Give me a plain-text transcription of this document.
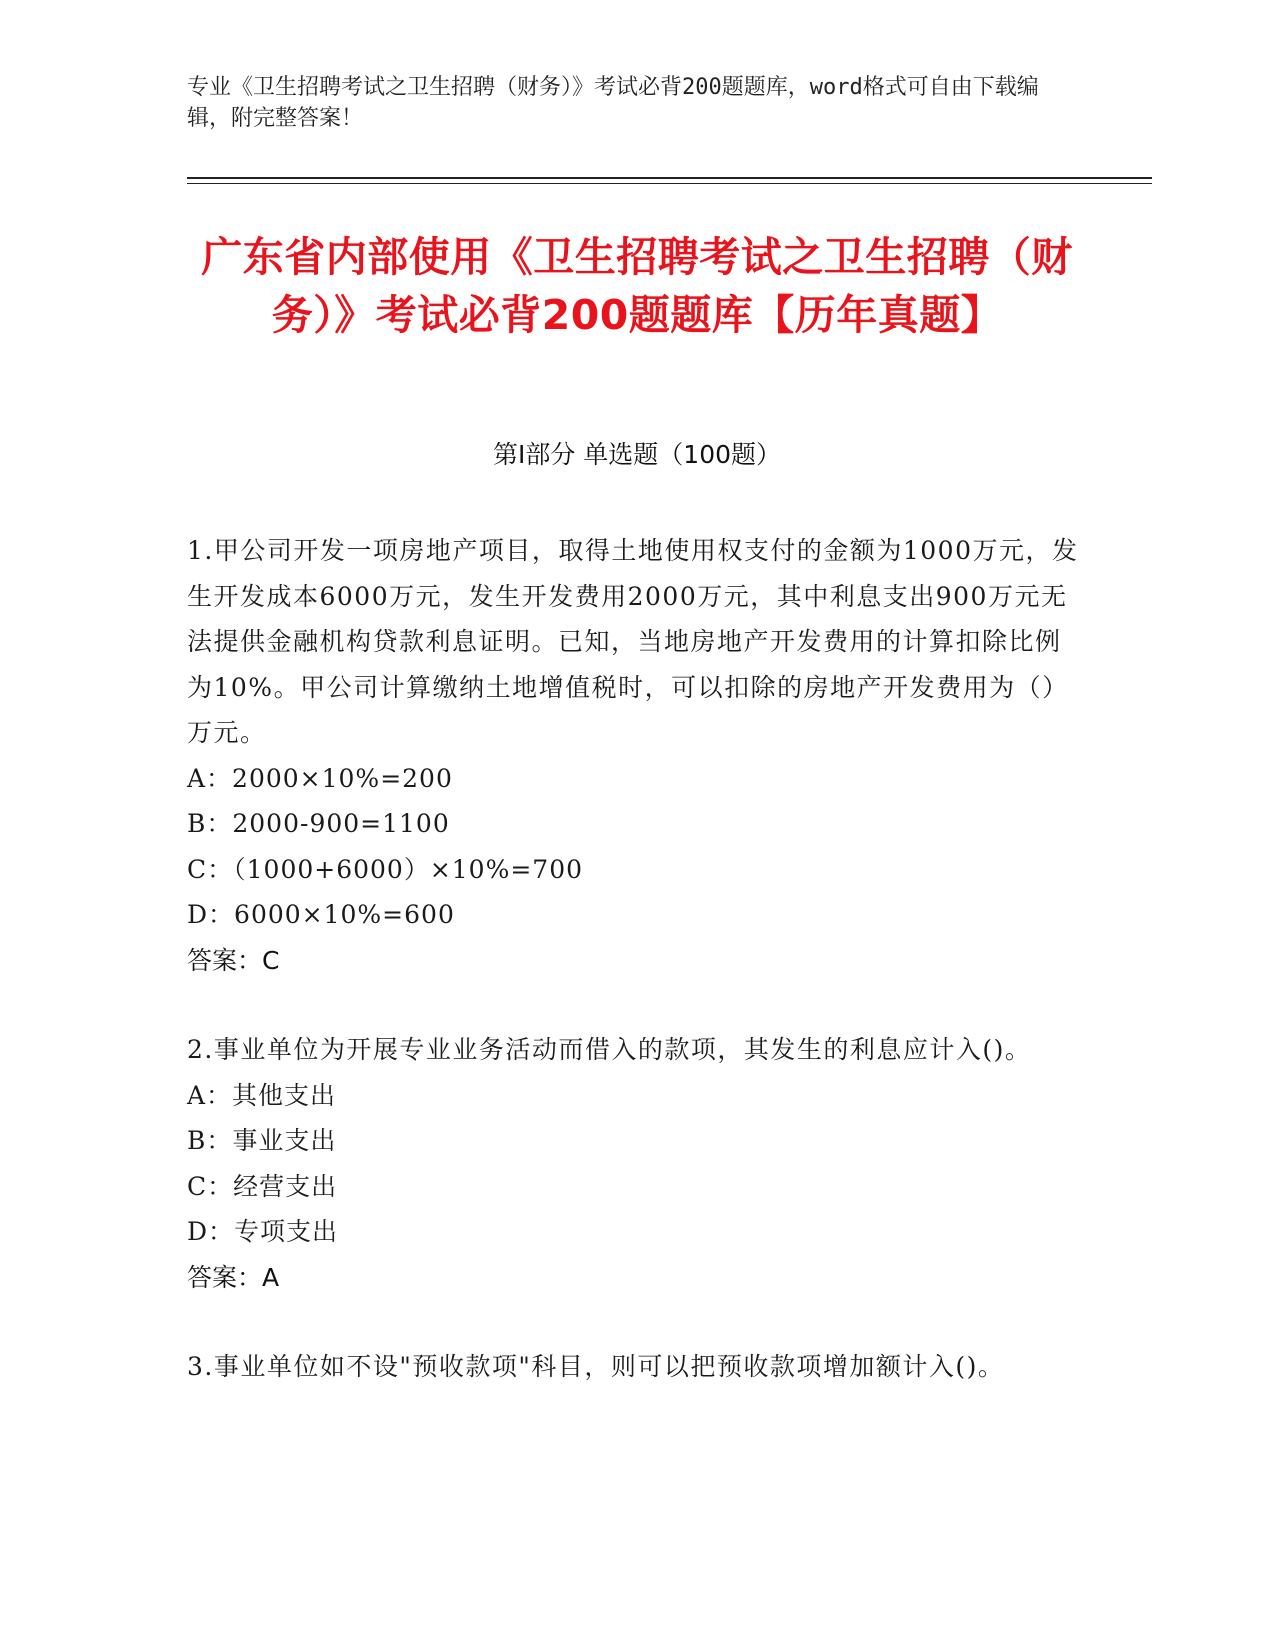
专业《卫生招聘考试之卫生招聘（财务）》考试必背200题题库，word格式可自由下载编辑，附完整答案！
广东省内部使用《卫生招聘考试之卫生招聘（财务）》考试必背200题题库【历年真题】
第I部分 单选题（100题）

1.甲公司开发一项房地产项目，取得土地使用权支付的金额为1000万元，发生开发成本6000万元，发生开发费用2000万元，其中利息支出900万元无法提供金融机构贷款利息证明。已知，当地房地产开发费用的计算扣除比例为10%。甲公司计算缴纳土地增值税时，可以扣除的房地产开发费用为（）万元。

A：2000×10%=200

B：2000-900=1100

C：（1000+6000）×10%=700

D：6000×10%=600

答案：C

2.事业单位为开展专业业务活动而借入的款项，其发生的利息应计入()。

A：其他支出

B：事业支出

C：经营支出

D：专项支出

答案：A

3.事业单位如不设"预收款项"科目，则可以把预收款项增加额计入()。
